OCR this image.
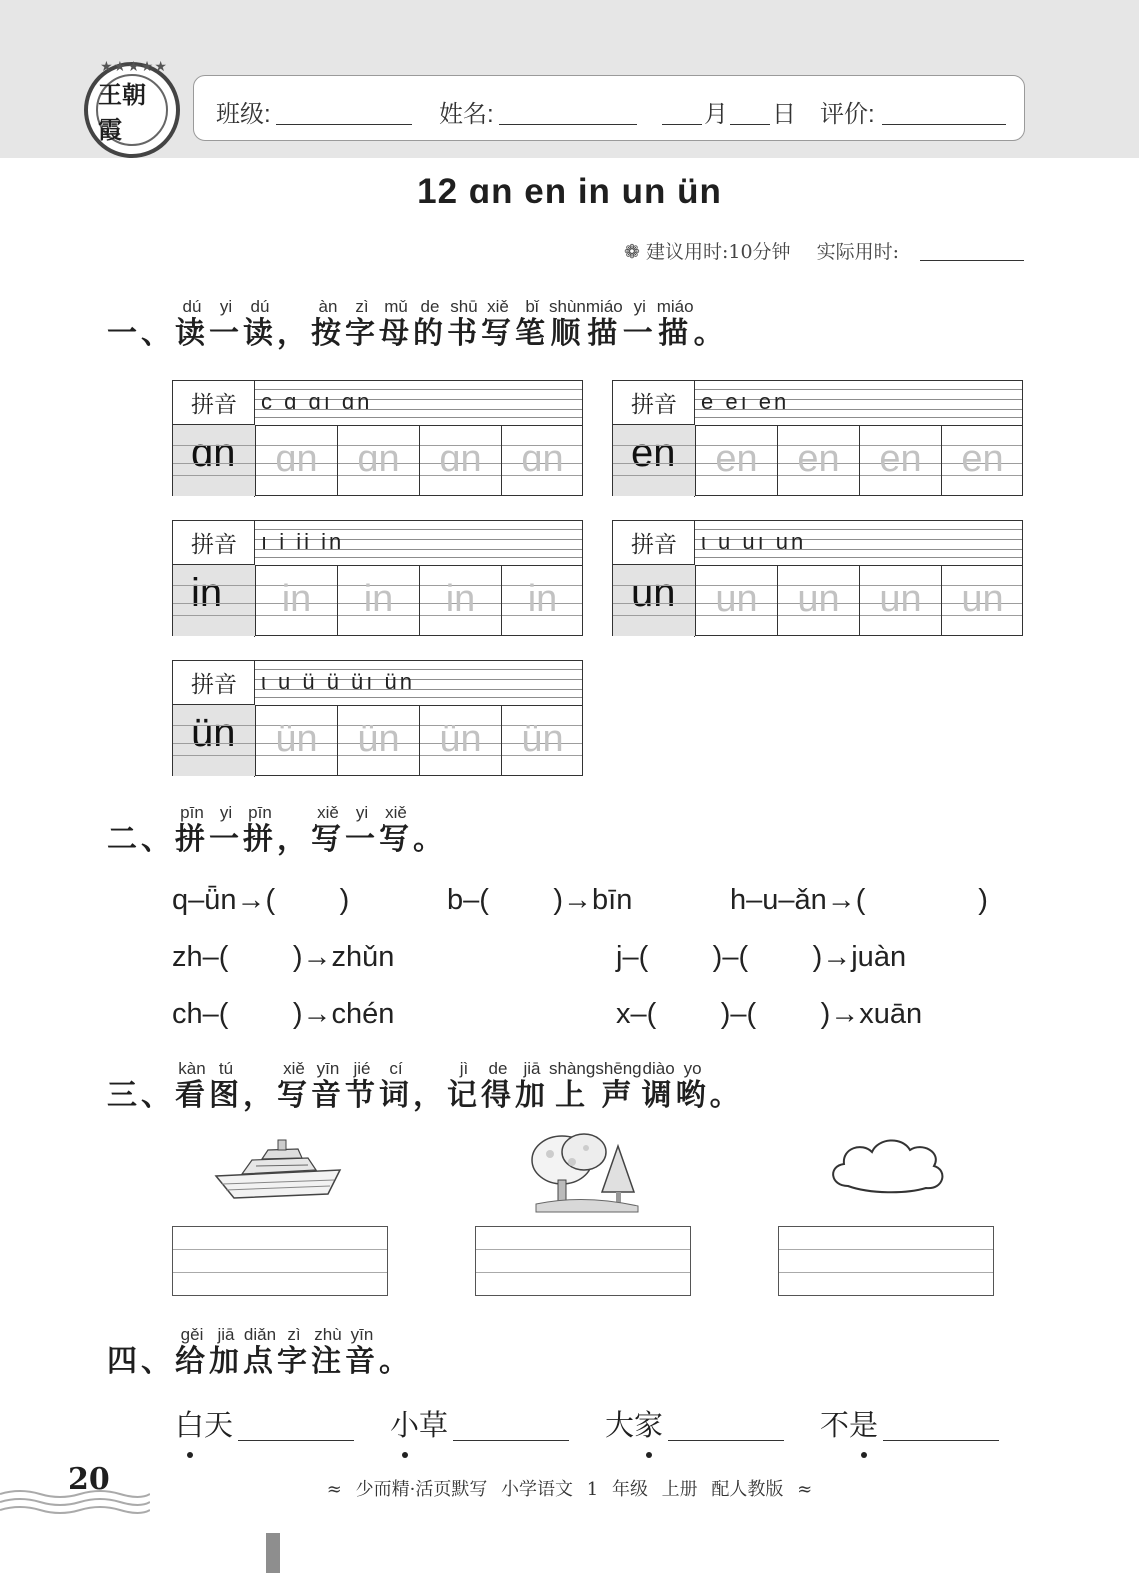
★★★★★
王朝霞
班级:	姓名:	月 日 评价:
12 ɑn en in un ün
❁ 建议用时:10分钟 实际用时:
一、读dú一yi读dú， 按àn字zì母mǔ的de书shū写xiě笔bǐ顺shùn描miáo一yi描miáo。
二、拼pīn一yi拼pīn， 写xiě一yi写xiě。
三、看kàn图tú， 写xiě音yīn节jié词cí， 记jì得de加jiā上shàng声shēng调diào哟yo。
四、给gěi加jiā点diǎn字zì注zhù音yīn。
拼音
ɑn
c ɑ ɑı ɑn
ɑn ɑn ɑn ɑn
拼音
en
e eı en
en en en en
拼音
in
ı i ii in
in in in in
拼音
un
ι u uı un
un un un un
拼音
ün
ι u ü ü üı ün
ün ün ün ün
q–ǖn→(        )	b–(        )→bīn	h–u–ǎn→(              )
zh–(        )→zhǔn	j–(        )–(        )→juàn
ch–(        )→chén	x–(        )–(        )→xuān
白
天	小
草	大家	不是
20	≈ 少而精·活页默写 小学语文 1 年级 上册 配人教版 ≈
